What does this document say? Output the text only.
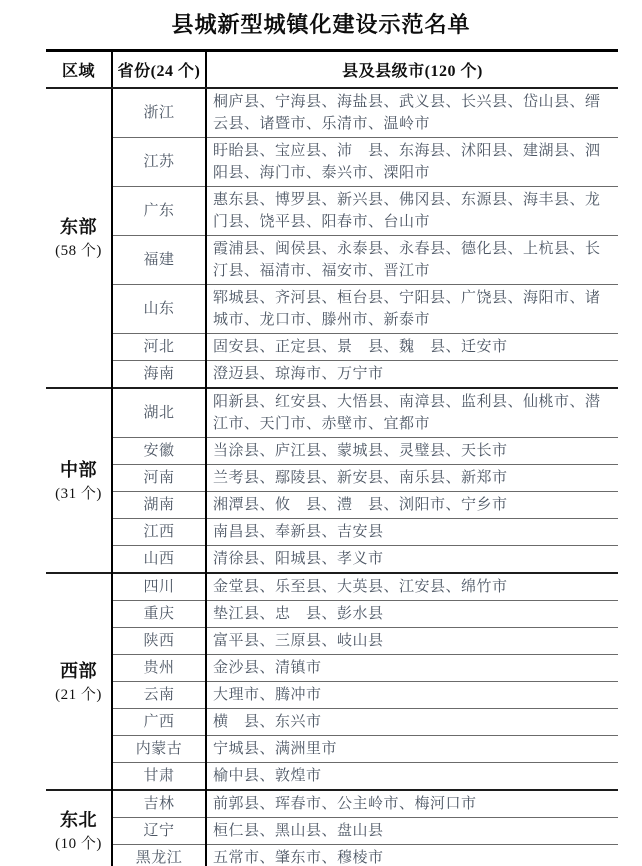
县城新型城镇化建设示范名单
区域	省份(24 个)	县及县级市(120 个)

东部
(58 个)	浙江	桐庐县、宁海县、海盐县、武义县、长兴县、岱山县、缙云县、诸暨市、乐清市、温岭市
	江苏	盱眙县、宝应县、沛　县、东海县、沭阳县、建湖县、泗阳县、海门市、泰兴市、溧阳市
	广东	惠东县、博罗县、新兴县、佛冈县、东源县、海丰县、龙门县、饶平县、阳春市、台山市
	福建	霞浦县、闽侯县、永泰县、永春县、德化县、上杭县、长汀县、福清市、福安市、晋江市
	山东	郓城县、齐河县、桓台县、宁阳县、广饶县、海阳市、诸城市、龙口市、滕州市、新泰市
	河北	固安县、正定县、景　县、魏　县、迁安市
	海南	澄迈县、琼海市、万宁市

中部
(31 个)	湖北	阳新县、红安县、大悟县、南漳县、监利县、仙桃市、潜江市、天门市、赤壁市、宜都市
	安徽	当涂县、庐江县、蒙城县、灵璧县、天长市
	河南	兰考县、鄢陵县、新安县、南乐县、新郑市
	湖南	湘潭县、攸　县、澧　县、浏阳市、宁乡市
	江西	南昌县、奉新县、吉安县
	山西	清徐县、阳城县、孝义市

西部
(21 个)	四川	金堂县、乐至县、大英县、江安县、绵竹市
	重庆	垫江县、忠　县、彭水县
	陕西	富平县、三原县、岐山县
	贵州	金沙县、清镇市
	云南	大理市、腾冲市
	广西	横　县、东兴市
	内蒙古	宁城县、满洲里市
	甘肃	榆中县、敦煌市

东北
(10 个)	吉林	前郭县、珲春市、公主岭市、梅河口市
	辽宁	桓仁县、黑山县、盘山县
	黑龙江	五常市、肇东市、穆棱市
